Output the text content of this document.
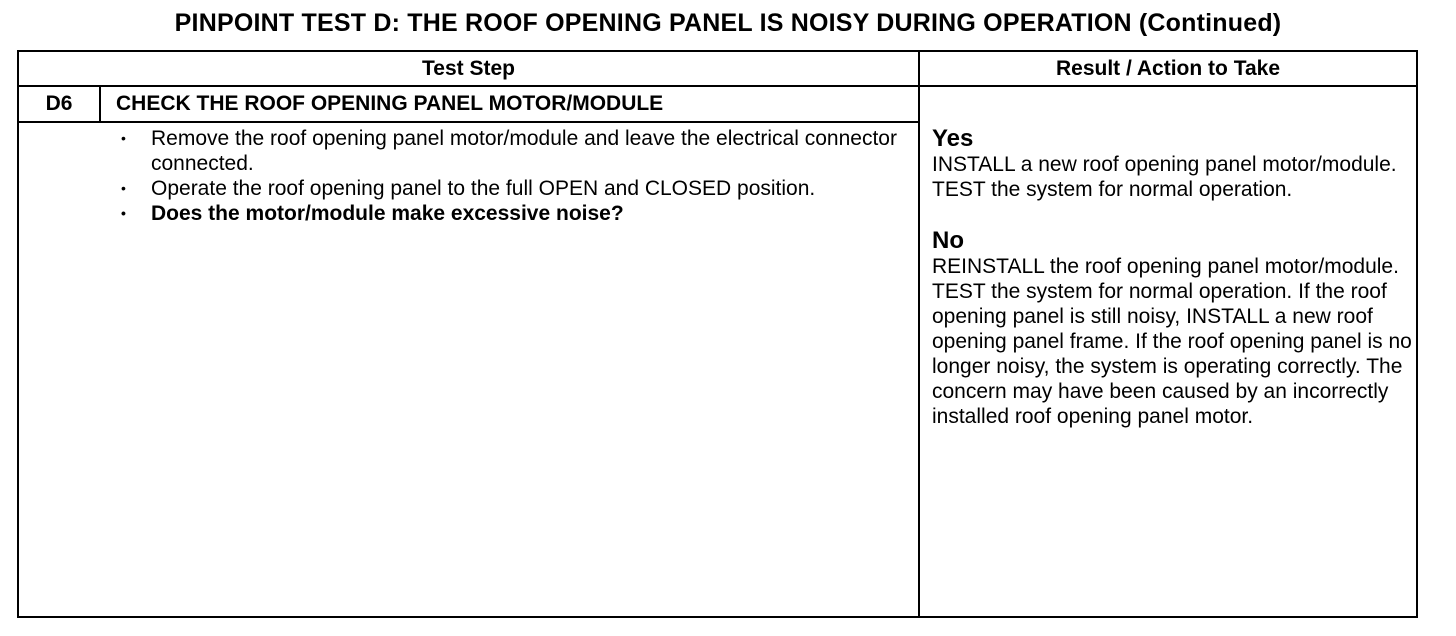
PINPOINT TEST D: THE ROOF OPENING PANEL IS NOISY DURING OPERATION (Continued)
Test Step	Result / Action to Take
D6	CHECK THE ROOF OPENING PANEL MOTOR/MODULE
• Remove the roof opening panel motor/module and leave the electrical connector connected.
• Operate the roof opening panel to the full OPEN and CLOSED position.
• Does the motor/module make excessive noise?
Yes

INSTALL a new roof opening panel motor/module. TEST the system for normal operation.

No

REINSTALL the roof opening panel motor/module. TEST the system for normal operation. If the roof opening panel is still noisy, INSTALL a new roof opening panel frame. If the roof opening panel is no longer noisy, the system is operating correctly. The concern may have been caused by an incorrectly installed roof opening panel motor.
